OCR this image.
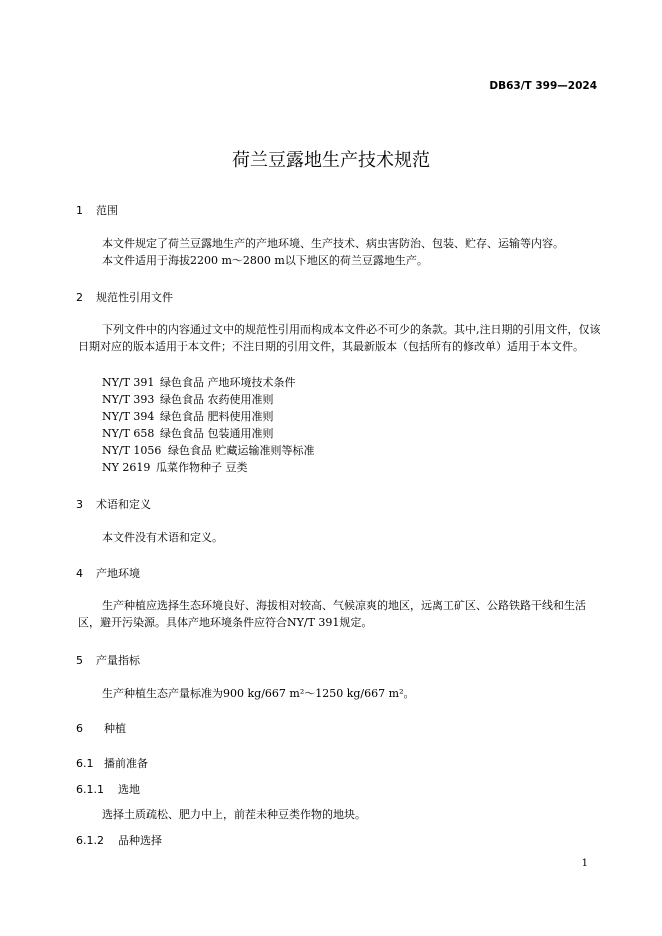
DB63/T 399—2024
荷兰豆露地生产技术规范
1 范围
本文件规定了荷兰豆露地生产的产地环境、生产技术、病虫害防治、包装、贮存、运输等内容。
本文件适用于海拔2200 m～2800 m以下地区的荷兰豆露地生产。
2 规范性引用文件
下列文件中的内容通过文中的规范性引用而构成本文件必不可少的条款。其中,注日期的引用文件，仅该日期对应的版本适用于本文件；不注日期的引用文件，其最新版本（包括所有的修改单）适用于本文件。
NY/T 391 绿色食品 产地环境技术条件
NY/T 393 绿色食品 农药使用准则
NY/T 394 绿色食品 肥料使用准则
NY/T 658 绿色食品 包装通用准则
NY/T 1056 绿色食品 贮藏运输准则等标准
NY 2619 瓜菜作物种子 豆类
3 术语和定义
本文件没有术语和定义。
4 产地环境
生产种植应选择生态环境良好、海拔相对较高、气候凉爽的地区，远离工矿区、公路铁路干线和生活区，避开污染源。具体产地环境条件应符合NY/T 391规定。
5 产量指标
生产种植生态产量标准为900 kg/667 m²～1250 kg/667 m²。
6 种植
6.1 播前准备
6.1.1 选地
选择土质疏松、肥力中上，前茬未种豆类作物的地块。
6.1.2 品种选择
1
